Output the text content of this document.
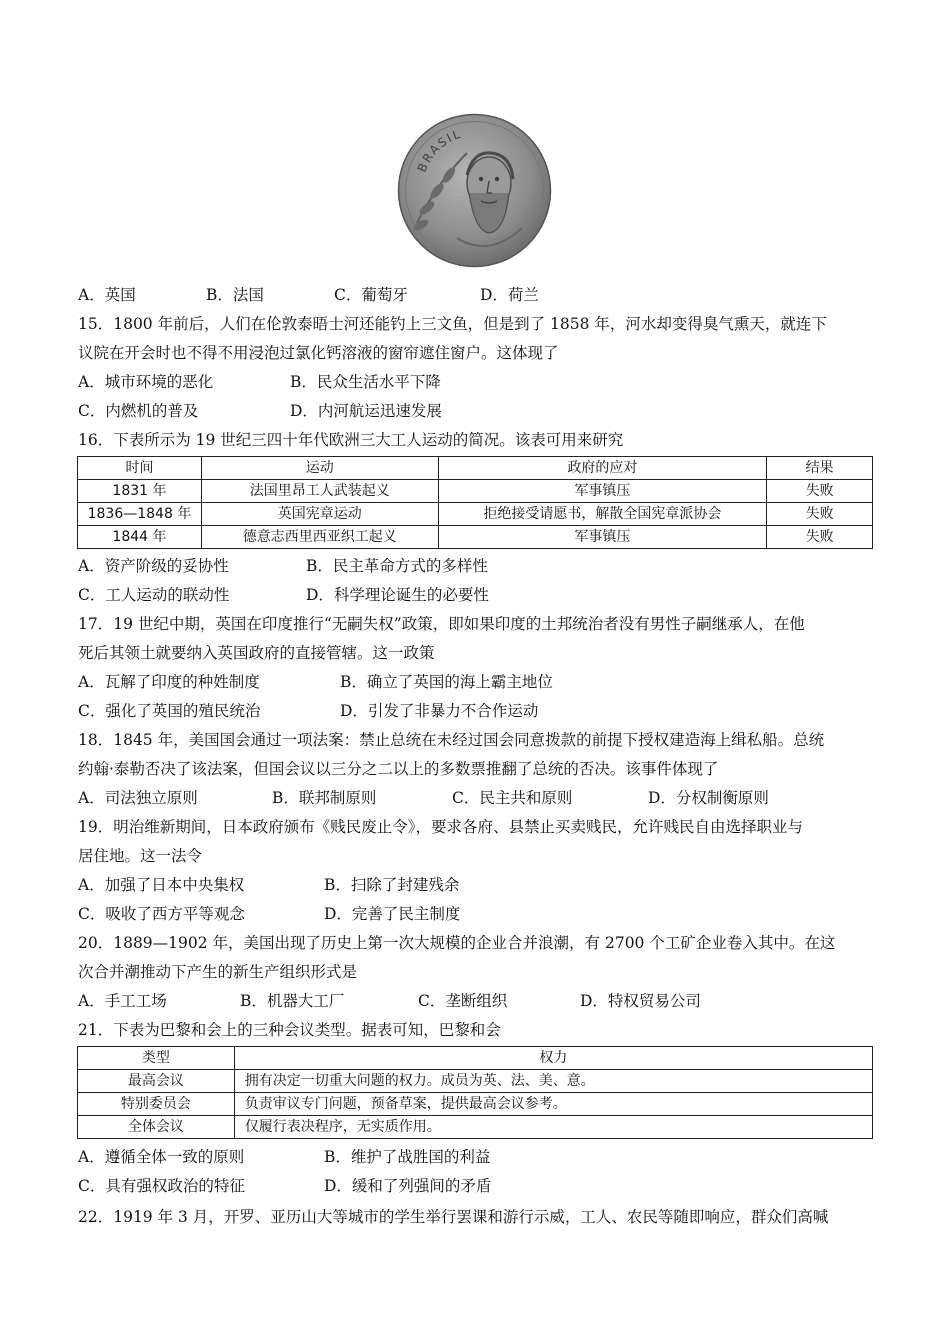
BRASIL
A．英国	B．法国	C．葡萄牙	D．荷兰
15．1800 年前后，人们在伦敦泰晤士河还能钓上三文鱼，但是到了 1858 年，河水却变得臭气熏天，就连下
议院在开会时也不得不用浸泡过氯化钙溶液的窗帘遮住窗户。这体现了
A．城市环境的恶化	B．民众生活水平下降
C．内燃机的普及	D．内河航运迅速发展
16．下表所示为 19 世纪三四十年代欧洲三大工人运动的简况。该表可用来研究
时间	运动	政府的应对	结果
1831 年	法国里昂工人武装起义	军事镇压	失败
1836—1848 年	英国宪章运动	拒绝接受请愿书，解散全国宪章派协会	失败
1844 年	德意志西里西亚织工起义	军事镇压	失败
A．资产阶级的妥协性	B．民主革命方式的多样性
C．工人运动的联动性	D．科学理论诞生的必要性
17．19 世纪中期，英国在印度推行“无嗣失权”政策，即如果印度的土邦统治者没有男性子嗣继承人，在他
死后其领土就要纳入英国政府的直接管辖。这一政策
A．瓦解了印度的种姓制度	B．确立了英国的海上霸主地位
C．强化了英国的殖民统治	D．引发了非暴力不合作运动
18．1845 年，美国国会通过一项法案：禁止总统在未经过国会同意拨款的前提下授权建造海上缉私船。总统
约翰·泰勒否决了该法案，但国会议以三分之二以上的多数票推翻了总统的否决。该事件体现了
A．司法独立原则	B．联邦制原则	C．民主共和原则	D．分权制衡原则
19．明治维新期间，日本政府颁布《贱民废止令》，要求各府、县禁止买卖贱民，允许贱民自由选择职业与
居住地。这一法令
A．加强了日本中央集权	B．扫除了封建残余
C．吸收了西方平等观念	D．完善了民主制度
20．1889—1902 年，美国出现了历史上第一次大规模的企业合并浪潮，有 2700 个工矿企业卷入其中。在这
次合并潮推动下产生的新生产组织形式是
A．手工工场	B．机器大工厂	C．垄断组织	D．特权贸易公司
21．下表为巴黎和会上的三种会议类型。据表可知，巴黎和会
类型	权力
最高会议	拥有决定一切重大问题的权力。成员为英、法、美、意。
特别委员会	负责审议专门问题，预备草案，提供最高会议参考。
全体会议	仅履行表决程序，无实质作用。
A．遵循全体一致的原则	B．维护了战胜国的利益
C．具有强权政治的特征	D．缓和了列强间的矛盾
22．1919 年 3 月，开罗、亚历山大等城市的学生举行罢课和游行示威，工人、农民等随即响应，群众们高喊
